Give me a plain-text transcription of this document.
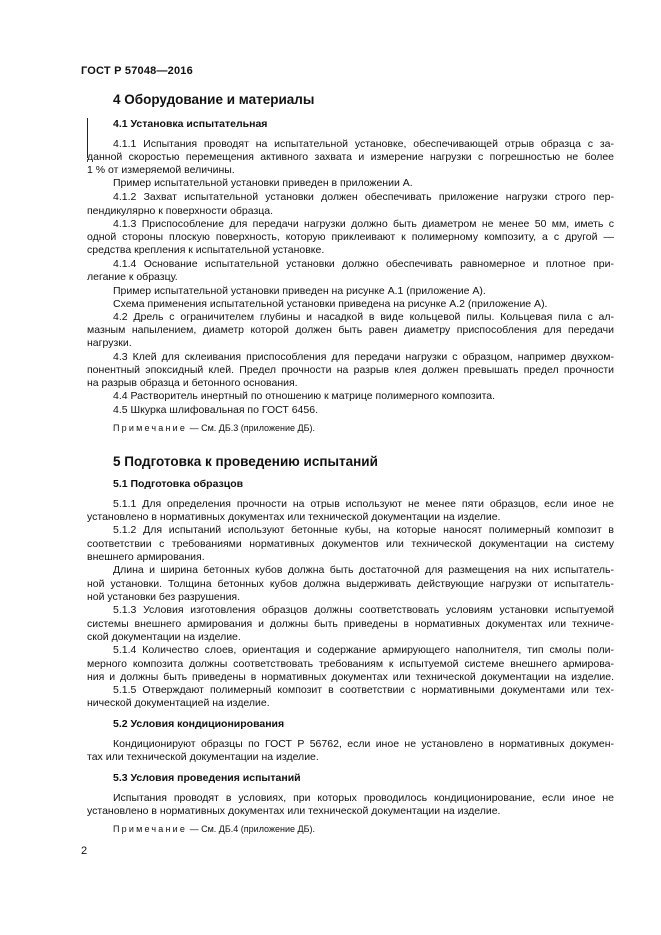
ГОСТ Р 57048—2016
4 Оборудование и материалы
4.1 Установка испытательная
4.1.1 Испытания проводят на испытательной установке, обеспечивающей отрыв образца с за-
данной скоростью перемещения активного захвата и измерение нагрузки с погрешностью не более
1 % от измеряемой величины.
Пример испытательной установки приведен в приложении А.
4.1.2 Захват испытательной установки должен обеспечивать приложение нагрузки строго пер-
пендикулярно к поверхности образца.
4.1.3 Приспособление для передачи нагрузки должно быть диаметром не менее 50 мм, иметь с
одной стороны плоскую поверхность, которую приклеивают к полимерному композиту, а с другой —
средства крепления к испытательной установке.
4.1.4 Основание испытательной установки должно обеспечивать равномерное и плотное при-
легание к образцу.
Пример испытательной установки приведен на рисунке А.1 (приложение А).
Схема применения испытательной установки приведена на рисунке А.2 (приложение А).
4.2 Дрель с ограничителем глубины и насадкой в виде кольцевой пилы. Кольцевая пила с ал-
мазным напылением, диаметр которой должен быть равен диаметру приспособления для передачи
нагрузки.
4.3 Клей для склеивания приспособления для передачи нагрузки с образцом, например двухком-
понентный эпоксидный клей. Предел прочности на разрыв клея должен превышать предел прочности
на разрыв образца и бетонного основания.
4.4 Растворитель инертный по отношению к матрице полимерного композита.
4.5 Шкурка шлифовальная по ГОСТ 6456.
Примечание — См. ДБ.3 (приложение ДБ).
5 Подготовка к проведению испытаний
5.1 Подготовка образцов
5.1.1 Для определения прочности на отрыв используют не менее пяти образцов, если иное не
установлено в нормативных документах или технической документации на изделие.
5.1.2 Для испытаний используют бетонные кубы, на которые наносят полимерный композит в
соответствии с требованиями нормативных документов или технической документации на систему
внешнего армирования.
Длина и ширина бетонных кубов должна быть достаточной для размещения на них испытатель-
ной установки. Толщина бетонных кубов должна выдерживать действующие нагрузки от испытатель-
ной установки без разрушения.
5.1.3 Условия изготовления образцов должны соответствовать условиям установки испытуемой
системы внешнего армирования и должны быть приведены в нормативных документах или техниче-
ской документации на изделие.
5.1.4 Количество слоев, ориентация и содержание армирующего наполнителя, тип смолы поли-
мерного композита должны соответствовать требованиям к испытуемой системе внешнего армирова-
ния и должны быть приведены в нормативных документах или технической документации на изделие.
5.1.5 Отверждают полимерный композит в соответствии с нормативными документами или тех-
нической документацией на изделие.
5.2 Условия кондиционирования
Кондиционируют образцы по ГОСТ Р 56762, если иное не установлено в нормативных докумен-
тах или технической документации на изделие.
5.3 Условия проведения испытаний
Испытания проводят в условиях, при которых проводилось кондиционирование, если иное не
установлено в нормативных документах или технической документации на изделие.
Примечание — См. ДБ.4 (приложение ДБ).
2
